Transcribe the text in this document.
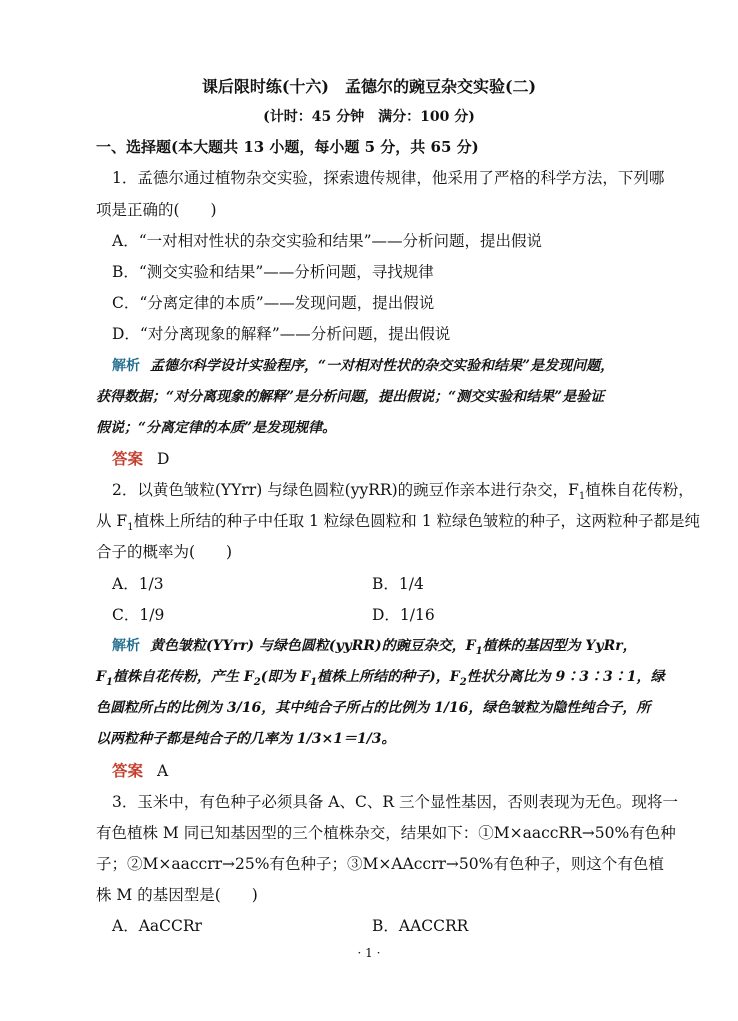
课后限时练(十六)　孟德尔的豌豆杂交实验(二)
(计时：45 分钟　满分：100 分)
一、选择题(本大题共 13 小题，每小题 5 分，共 65 分)
1．孟德尔通过植物杂交实验，探索遗传规律，他采用了严格的科学方法，下列哪
项是正确的(　　)
A．“一对相对性状的杂交实验和结果”——分析问题，提出假说
B．“测交实验和结果”——分析问题，寻找规律
C．“分离定律的本质”——发现问题，提出假说
D．“对分离现象的解释”——分析问题，提出假说
解析 孟德尔科学设计实验程序，“一对相对性状的杂交实验和结果”是发现问题，
获得数据；“对分离现象的解释”是分析问题，提出假说；“测交实验和结果”是验证
假说；“分离定律的本质”是发现规律。
答案 D
2．以黄色皱粒(YYrr) 与绿色圆粒(yyRR)的豌豆作亲本进行杂交，$F_1$植株自花传粉，
从 $F_1$植株上所结的种子中任取 1 粒绿色圆粒和 1 粒绿色皱粒的种子，这两粒种子都是纯
合子的概率为(　　)
A．1/3	B．1/4
C．1/9	D．1/16
解析 黄色皱粒(YYrr) 与绿色圆粒(yyRR)的豌豆杂交，$F_1$植株的基因型为 YyRr，
$F_1$植株自花传粉，产生 $F_2$(即为 $F_1$植株上所结的种子)，$F_2$性状分离比为 9∶3∶3∶1，绿
色圆粒所占的比例为 3/16，其中纯合子所占的比例为 1/16，绿色皱粒为隐性纯合子，所
以两粒种子都是纯合子的几率为 1/3×1＝1/3。
答案 A
3．玉米中，有色种子必须具备 A、C、R 三个显性基因，否则表现为无色。现将一
有色植株 M 同已知基因型的三个植株杂交，结果如下：①M×aaccRR→50%有色种
子；②M×aaccrr→25%有色种子；③M×AAccrr→50%有色种子，则这个有色植
株 M 的基因型是(　　)
A．AaCCRr	B．AACCRR
· 1 ·
